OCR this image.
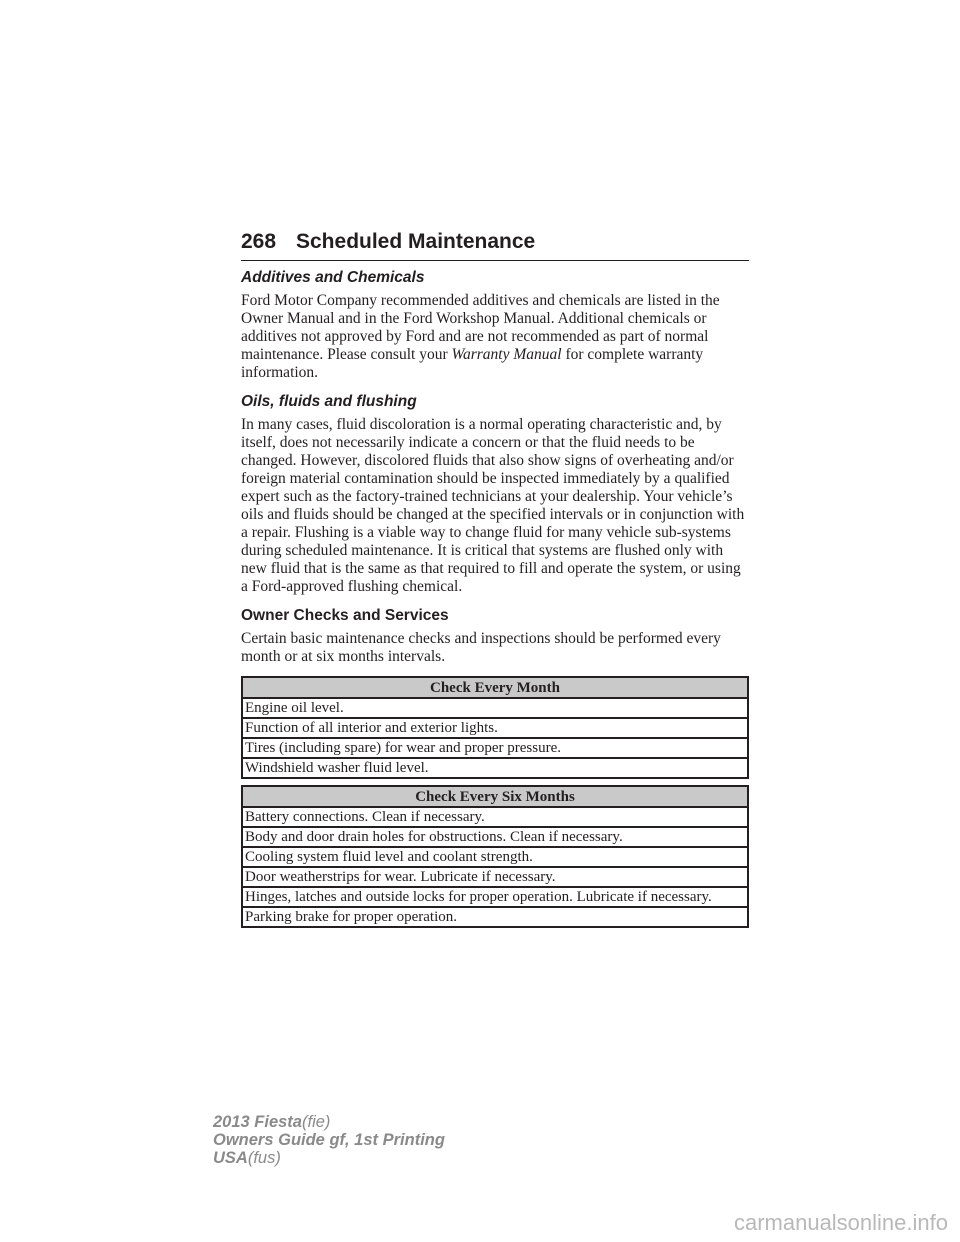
268 Scheduled Maintenance
Additives and Chemicals

Ford Motor Company recommended additives and chemicals are listed in the Owner Manual and in the Ford Workshop Manual. Additional chemicals or additives not approved by Ford and are not recommended as part of normal maintenance. Please consult your Warranty Manual for complete warranty information.

Oils, fluids and flushing

In many cases, fluid discoloration is a normal operating characteristic and, by itself, does not necessarily indicate a concern or that the fluid needs to be changed. However, discolored fluids that also show signs of overheating and/or foreign material contamination should be inspected immediately by a qualified expert such as the factory-trained technicians at your dealership. Your vehicle’s oils and fluids should be changed at the specified intervals or in conjunction with a repair. Flushing is a viable way to change fluid for many vehicle sub-systems during scheduled maintenance. It is critical that systems are flushed only with new fluid that is the same as that required to fill and operate the system, or using a Ford-approved flushing chemical.

Owner Checks and Services

Certain basic maintenance checks and inspections should be performed every month or at six months intervals.

Check Every Month
Engine oil level.
Function of all interior and exterior lights.
Tires (including spare) for wear and proper pressure.
Windshield washer fluid level.
Check Every Six Months
Battery connections. Clean if necessary.
Body and door drain holes for obstructions. Clean if necessary.
Cooling system fluid level and coolant strength.
Door weatherstrips for wear. Lubricate if necessary.
Hinges, latches and outside locks for proper operation. Lubricate if necessary.
Parking brake for proper operation.
2013 Fiesta(fie)
Owners Guide gf, 1st Printing
USA(fus)
carmanualsonline.info
